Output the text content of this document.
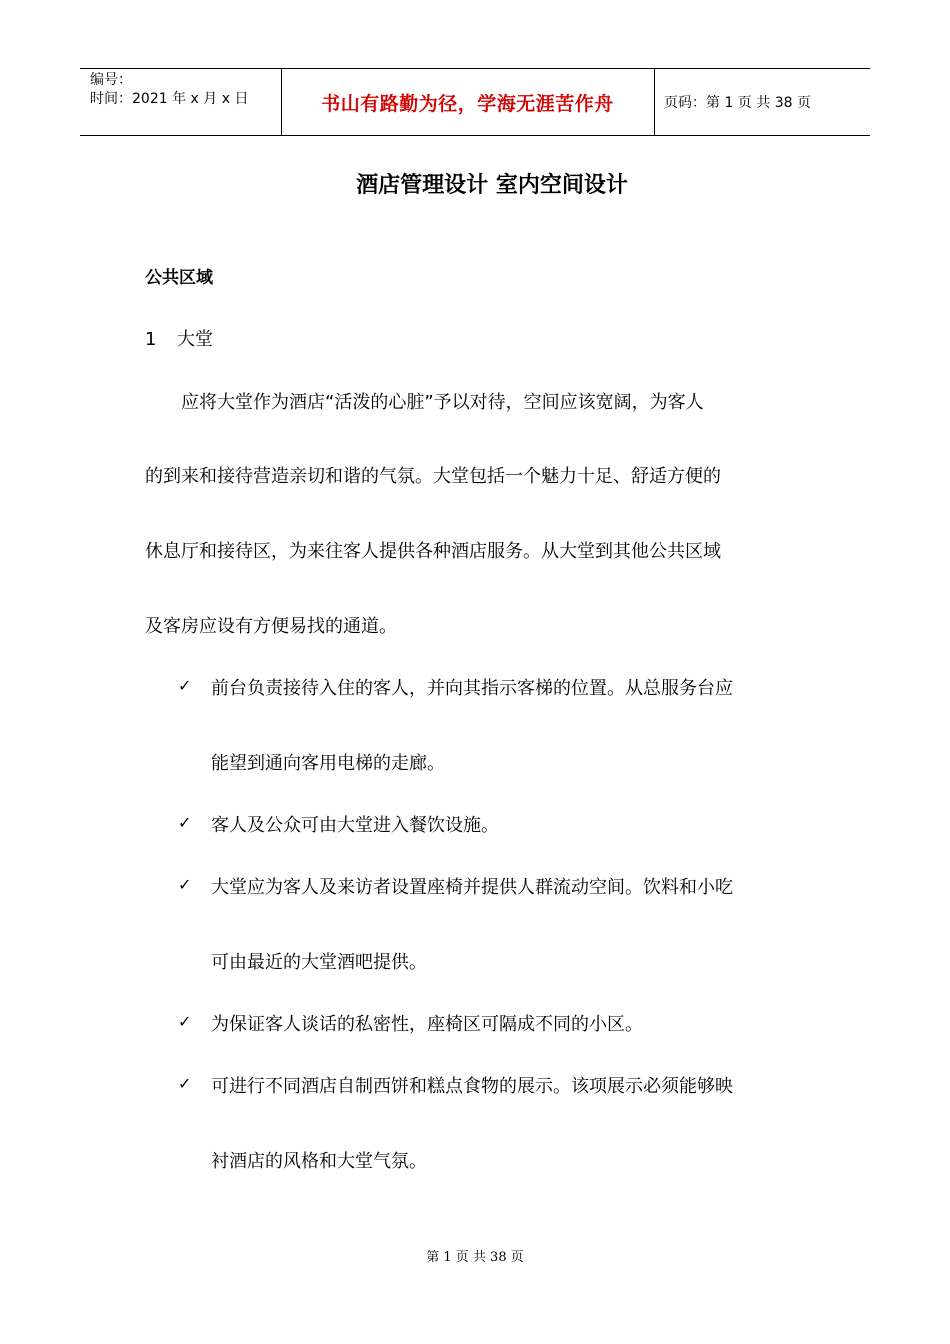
编号：
时间：2021 年 x 月 x 日	书山有路勤为径，学海无涯苦作舟	页码：第 1 页 共 38 页
酒店管理设计 室内空间设计
公共区域
1 大堂
应将大堂作为酒店“活泼的心脏”予以对待，空间应该宽阔，为客人
的到来和接待营造亲切和谐的气氛。大堂包括一个魅力十足、舒适方便的
休息厅和接待区，为来往客人提供各种酒店服务。从大堂到其他公共区域
及客房应设有方便易找的通道。
✓ 前台负责接待入住的客人，并向其指示客梯的位置。从总服务台应
能望到通向客用电梯的走廊。
✓ 客人及公众可由大堂进入餐饮设施。
✓ 大堂应为客人及来访者设置座椅并提供人群流动空间。饮料和小吃
可由最近的大堂酒吧提供。
✓ 为保证客人谈话的私密性，座椅区可隔成不同的小区。
✓ 可进行不同酒店自制西饼和糕点食物的展示。该项展示必须能够映
衬酒店的风格和大堂气氛。
第 1 页 共 38 页
